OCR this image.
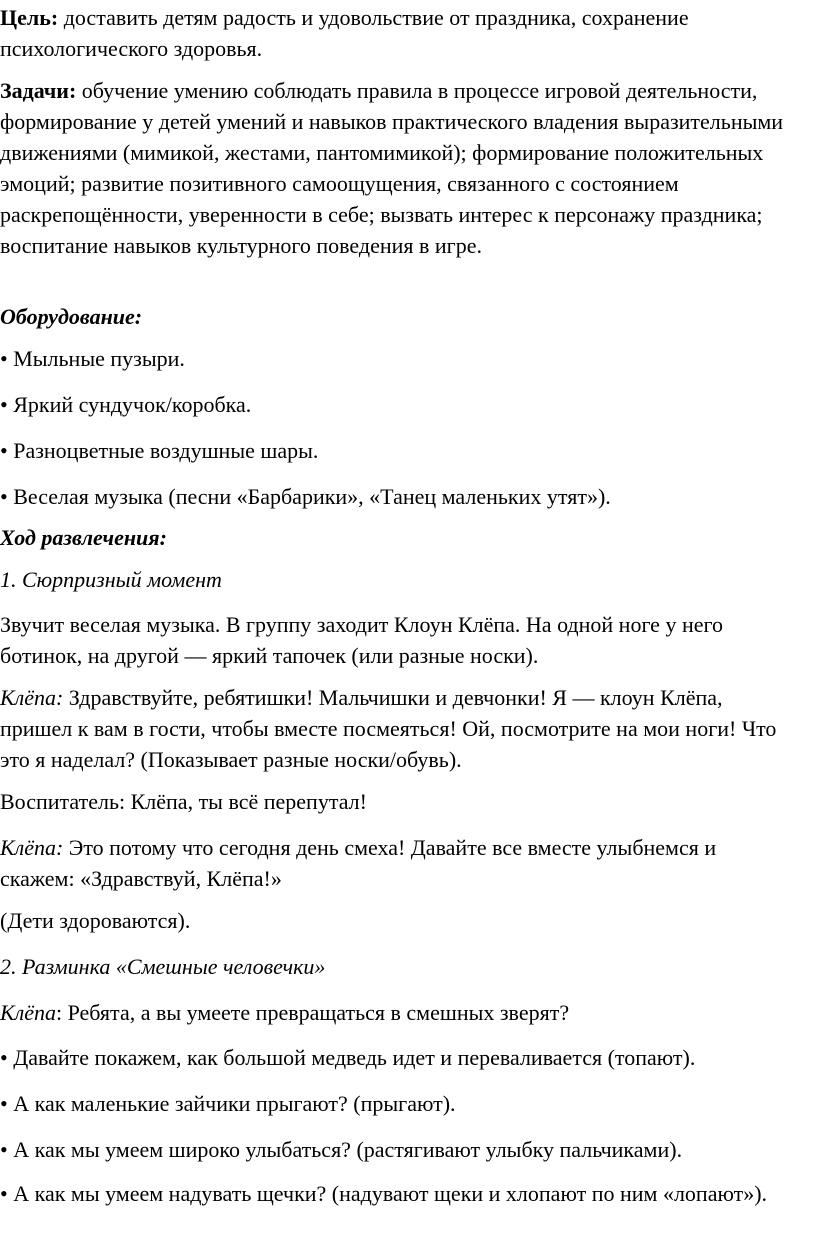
Цель: доставить детям радость и удовольствие от праздника, сохранение психологического здоровья.

Задачи: обучение умению соблюдать правила в процессе игровой деятельности, формирование у детей умений и навыков практического владения выразительными движениями (мимикой, жестами, пантомимикой); формирование положительных эмоций; развитие позитивного самоощущения, связанного с состоянием раскрепощённости, уверенности в себе; вызвать интерес к персонажу праздника; воспитание навыков культурного поведения в игре.

Оборудование:

• Мыльные пузыри.

• Яркий сундучок/коробка.

• Разноцветные воздушные шары.

• Веселая музыка (песни «Барбарики», «Танец маленьких утят»).

Ход развлечения:

1. Сюрпризный момент

Звучит веселая музыка. В группу заходит Клоун Клёпа. На одной ноге у него ботинок, на другой — яркий тапочек (или разные носки).

Клёпа: Здравствуйте, ребятишки! Мальчишки и девчонки! Я — клоун Клёпа, пришел к вам в гости, чтобы вместе посмеяться! Ой, посмотрите на мои ноги! Что это я наделал? (Показывает разные носки/обувь).

Воспитатель: Клёпа, ты всё перепутал!

Клёпа: Это потому что сегодня день смеха! Давайте все вместе улыбнемся и скажем: «Здравствуй, Клёпа!»

(Дети здороваются).

2. Разминка «Смешные человечки»

Клёпа: Ребята, а вы умеете превращаться в смешных зверят?

• Давайте покажем, как большой медведь идет и переваливается (топают).

• А как маленькие зайчики прыгают? (прыгают).

• А как мы умеем широко улыбаться? (растягивают улыбку пальчиками).

• А как мы умеем надувать щечки? (надувают щеки и хлопают по ним «лопают»).
